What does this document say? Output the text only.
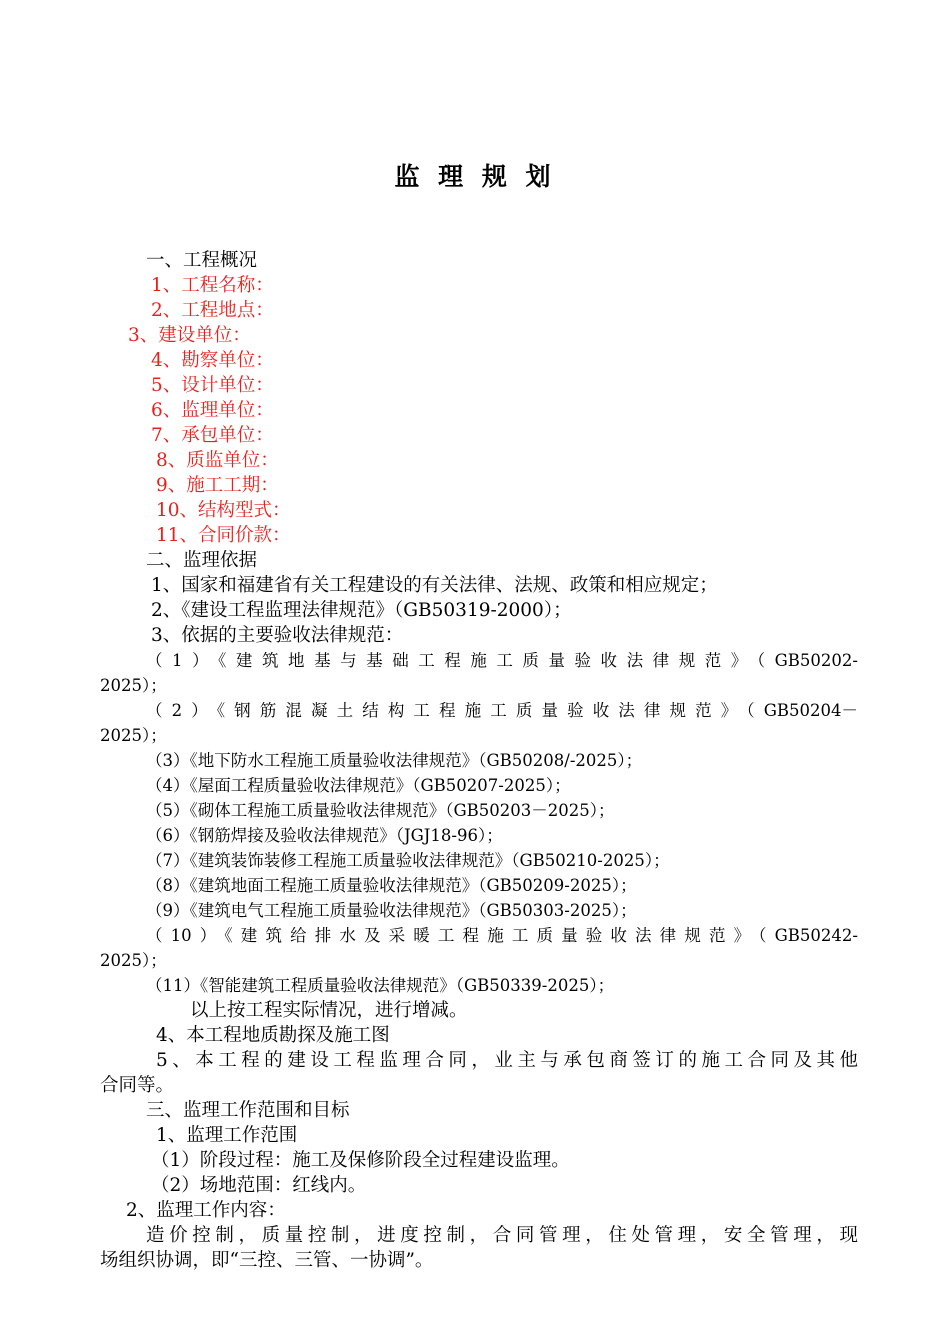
监 理 规 划
一、工程概况
1、工程名称：
2、工程地点：
3、建设单位：
4、勘察单位：
5、设计单位：
6、监理单位：
7、承包单位：
8、质监单位：
9、施工工期：
10、结构型式：
11、合同价款：
二、监理依据
1、国家和福建省有关工程建设的有关法律、法规、政策和相应规定；
2、《建设工程监理法律规范》（GB50319-2000）；
3、依据的主要验收法律规范：
（1）《建筑地基与基础工程施工质量验收法律规范》（GB50202-
2025）；
（2）《钢筋混凝土结构工程施工质量验收法律规范》（GB50204－
2025）；
（3）《地下防水工程施工质量验收法律规范》（GB50208/-2025）；
（4）《屋面工程质量验收法律规范》（GB50207-2025）；
（5）《砌体工程施工质量验收法律规范》（GB50203－2025）；
（6）《钢筋焊接及验收法律规范》（JGJ18-96）；
（7）《建筑装饰装修工程施工质量验收法律规范》（GB50210-2025）；
（8）《建筑地面工程施工质量验收法律规范》（GB50209-2025）；
（9）《建筑电气工程施工质量验收法律规范》（GB50303-2025）；
（10）《建筑给排水及采暖工程施工质量验收法律规范》（GB50242-
2025）；
（11）《智能建筑工程质量验收法律规范》（GB50339-2025）；
以上按工程实际情况，进行增减。
4、本工程地质勘探及施工图
5、本工程的建设工程监理合同，业主与承包商签订的施工合同及其他
合同等。
三、监理工作范围和目标
1、监理工作范围
（1）阶段过程：施工及保修阶段全过程建设监理。
（2）场地范围：红线内。
2、监理工作内容：
造价控制，质量控制，进度控制，合同管理，住处管理，安全管理，现
场组织协调，即“三控、三管、一协调”。
